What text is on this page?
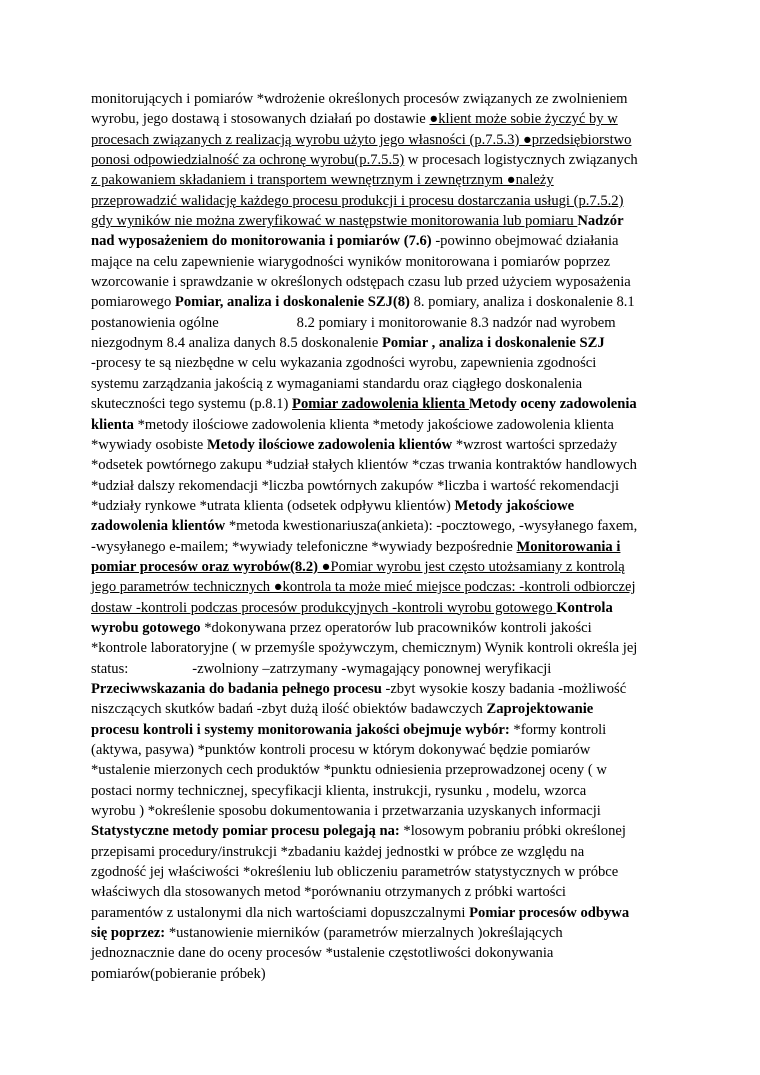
monitorujących i pomiarów *wdrożenie określonych procesów związanych ze zwolnieniem
wyrobu, jego dostawą i stosowanych działań po dostawie ●klient może sobie życzyć by w
procesach związanych z realizacją wyrobu użyto jego własności (p.7.5.3) ●przedsiębiorstwo
ponosi odpowiedzialność za ochronę wyrobu(p.7.5.5) w procesach logistycznych związanych
z pakowaniem składaniem i transportem wewnętrznym i zewnętrznym ●należy
przeprowadzić walidację każdego procesu produkcji i procesu dostarczania usługi (p.7.5.2)
gdy wyników nie można zweryfikować w następstwie monitorowania lub pomiaru Nadzór
nad wyposażeniem do monitorowania i pomiarów (7.6) -powinno obejmować działania
mające na celu zapewnienie wiarygodności wyników monitorowana i pomiarów poprzez
wzorcowanie i sprawdzanie w określonych odstępach czasu lub przed użyciem wyposażenia
pomiarowego Pomiar, analiza i doskonalenie SZJ(8) 8. pomiary, analiza i doskonalenie 8.1
postanowienia ogólne	8.2 pomiary i monitorowanie 8.3 nadzór nad wyrobem
niezgodnym 8.4 analiza danych 8.5 doskonalenie Pomiar , analiza i doskonalenie SZJ
-procesy te są niezbędne w celu wykazania zgodności wyrobu, zapewnienia zgodności
systemu zarządzania jakością z wymaganiami standardu oraz ciągłego doskonalenia
skuteczności tego systemu (p.8.1) Pomiar zadowolenia klienta Metody oceny zadowolenia
klienta *metody ilościowe zadowolenia klienta *metody jakościowe zadowolenia klienta
*wywiady osobiste Metody ilościowe zadowolenia klientów *wzrost wartości sprzedaży
*odsetek powtórnego zakupu *udział stałych klientów *czas trwania kontraktów handlowych
*udział dalszy rekomendacji *liczba powtórnych zakupów *liczba i wartość rekomendacji
*udziały rynkowe *utrata klienta (odsetek odpływu klientów) Metody jakościowe
zadowolenia klientów *metoda kwestionariusza(ankieta): -pocztowego, -wysyłanego faxem,
-wysyłanego e-mailem; *wywiady telefoniczne *wywiady bezpośrednie Monitorowania i
pomiar procesów oraz wyrobów(8.2) ●Pomiar wyrobu jest często utożsamiany z kontrolą
jego parametrów technicznych ●kontrola ta może mieć miejsce podczas: -kontroli odbiorczej
dostaw -kontroli podczas procesów produkcyjnych -kontroli wyrobu gotowego Kontrola
wyrobu gotowego *dokonywana przez operatorów lub pracowników kontroli jakości
*kontrole laboratoryjne ( w przemyśle spożywczym, chemicznym) Wynik kontroli określa jej
status:	-zwolniony –zatrzymany -wymagający ponownej weryfikacji
Przeciwwskazania do badania pełnego procesu -zbyt wysokie koszy badania -możliwość
niszczących skutków badań -zbyt dużą ilość obiektów badawczych Zaprojektowanie
procesu kontroli i systemy monitorowania jakości obejmuje wybór: *formy kontroli
(aktywa, pasywa) *punktów kontroli procesu w którym dokonywać będzie pomiarów
*ustalenie mierzonych cech produktów *punktu odniesienia przeprowadzonej oceny ( w
postaci normy technicznej, specyfikacji klienta, instrukcji, rysunku , modelu, wzorca
wyrobu ) *określenie sposobu dokumentowania i przetwarzania uzyskanych informacji
Statystyczne metody pomiar procesu polegają na: *losowym pobraniu próbki określonej
przepisami procedury/instrukcji *zbadaniu każdej jednostki w próbce ze względu na
zgodność jej właściwości *określeniu lub obliczeniu parametrów statystycznych w próbce
właściwych dla stosowanych metod *porównaniu otrzymanych z próbki wartości
paramentów z ustalonymi dla nich wartościami dopuszczalnymi Pomiar procesów odbywa
się poprzez: *ustanowienie mierników (parametrów mierzalnych )określających
jednoznacznie dane do oceny procesów *ustalenie częstotliwości dokonywania
pomiarów(pobieranie próbek)
